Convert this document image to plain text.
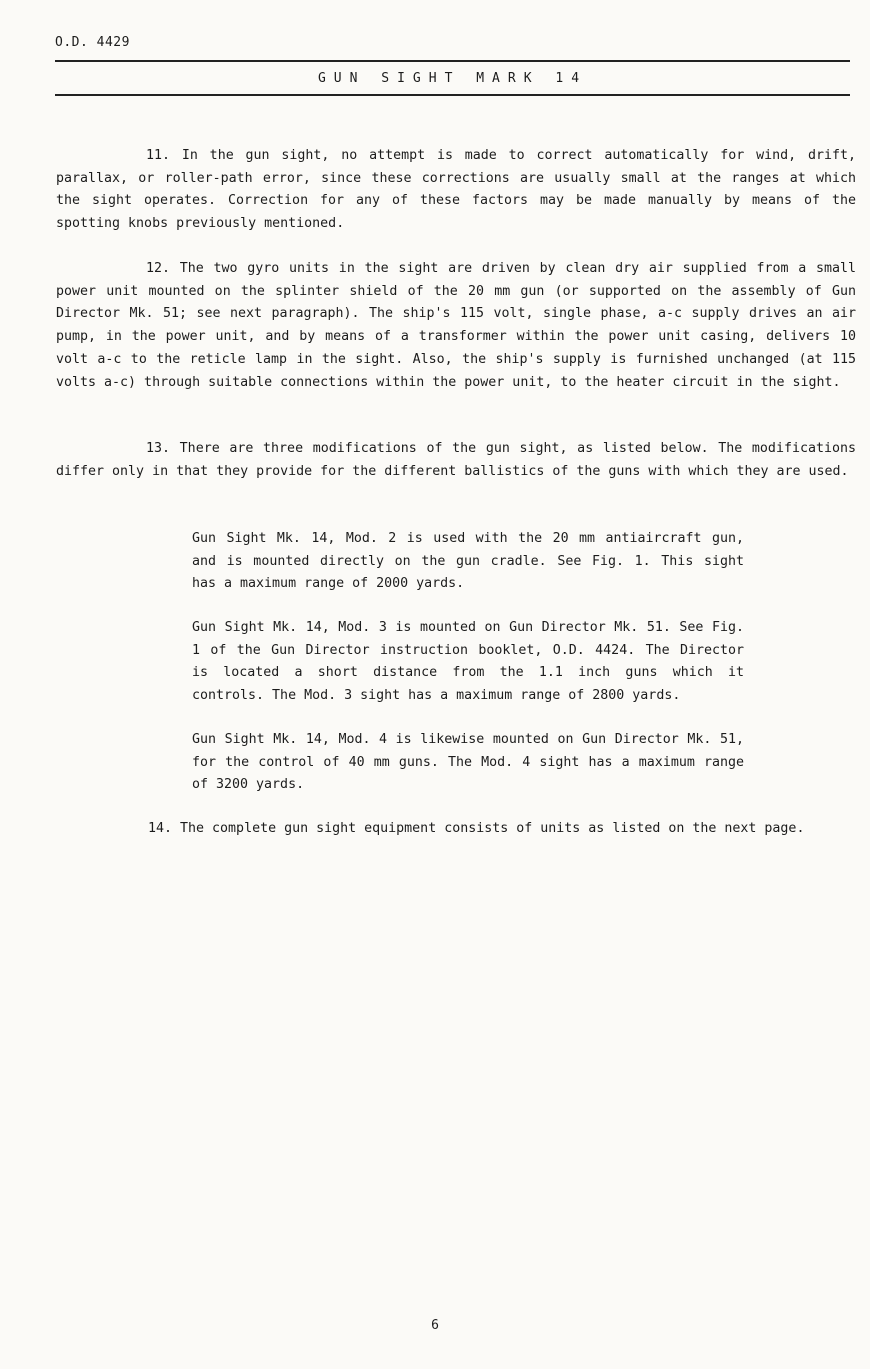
O.D. 4429
GUN SIGHT MARK 14

11. In the gun sight, no attempt is made to correct automatically for wind, drift, parallax, or roller-path error, since these corrections are usually small at the ranges at which the sight operates. Correction for any of these factors may be made manually by means of the spotting knobs previously mentioned.

12. The two gyro units in the sight are driven by clean dry air supplied from a small power unit mounted on the splinter shield of the 20 mm gun (or supported on the assembly of Gun Director Mk. 51; see next paragraph). The ship's 115 volt, single phase, a-c supply drives an air pump, in the power unit, and by means of a transformer within the power unit casing, delivers 10 volt a-c to the reticle lamp in the sight. Also, the ship's supply is furnished unchanged (at 115 volts a-c) through suitable connections within the power unit, to the heater circuit in the sight.

13. There are three modifications of the gun sight, as listed below. The modifications differ only in that they provide for the different ballistics of the guns with which they are used.

Gun Sight Mk. 14, Mod. 2 is used with the 20 mm antiaircraft gun, and is mounted directly on the gun cradle. See Fig. 1. This sight has a maximum range of 2000 yards.

Gun Sight Mk. 14, Mod. 3 is mounted on Gun Director Mk. 51. See Fig. 1 of the Gun Director instruction booklet, O.D. 4424. The Director is located a short distance from the 1.1 inch guns which it controls. The Mod. 3 sight has a maximum range of 2800 yards.

Gun Sight Mk. 14, Mod. 4 is likewise mounted on Gun Director Mk. 51, for the control of 40 mm guns. The Mod. 4 sight has a maximum range of 3200 yards.

14. The complete gun sight equipment consists of units as listed on the next page.

6
